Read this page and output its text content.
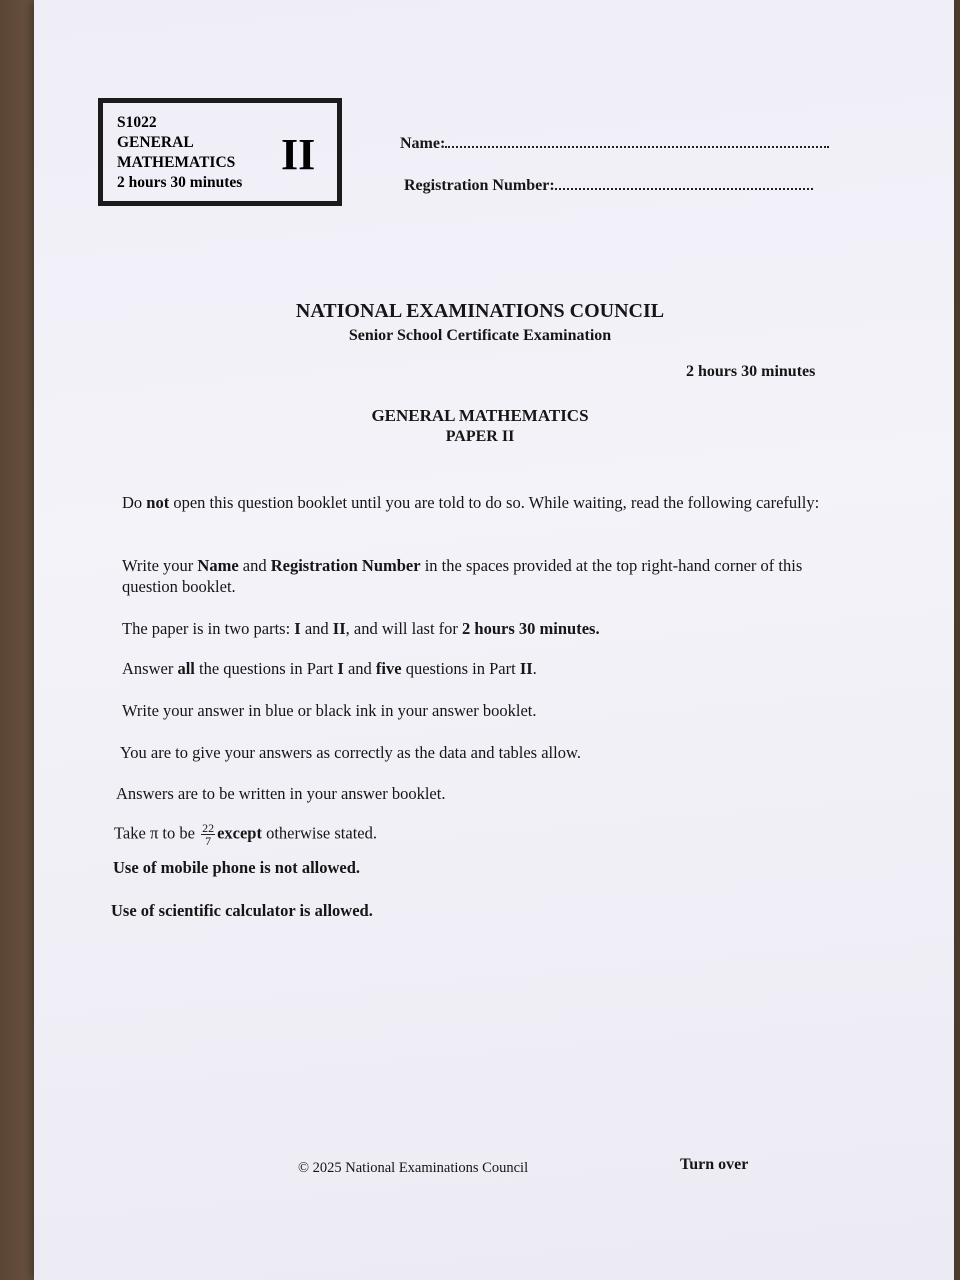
S1022
GENERAL
MATHEMATICS
2 hours 30 minutes
II	Name:
Registration Number:
NATIONAL EXAMINATIONS COUNCIL
Senior School Certificate Examination
2 hours 30 minutes
GENERAL MATHEMATICS
PAPER II
Do not open this question booklet until you are told to do so. While waiting, read the following carefully:
Write your Name and Registration Number in the spaces provided at the top right-hand corner of this question booklet.
The paper is in two parts: I and II, and will last for 2 hours 30 minutes.
Answer all the questions in Part I and five questions in Part II.
Write your answer in blue or black ink in your answer booklet.
You are to give your answers as correctly as the data and tables allow.
Answers are to be written in your answer booklet.
Take π to be $\frac{22}{7}$ except otherwise stated.
Use of mobile phone is not allowed.
Use of scientific calculator is allowed.
© 2025 National Examinations Council	Turn over
